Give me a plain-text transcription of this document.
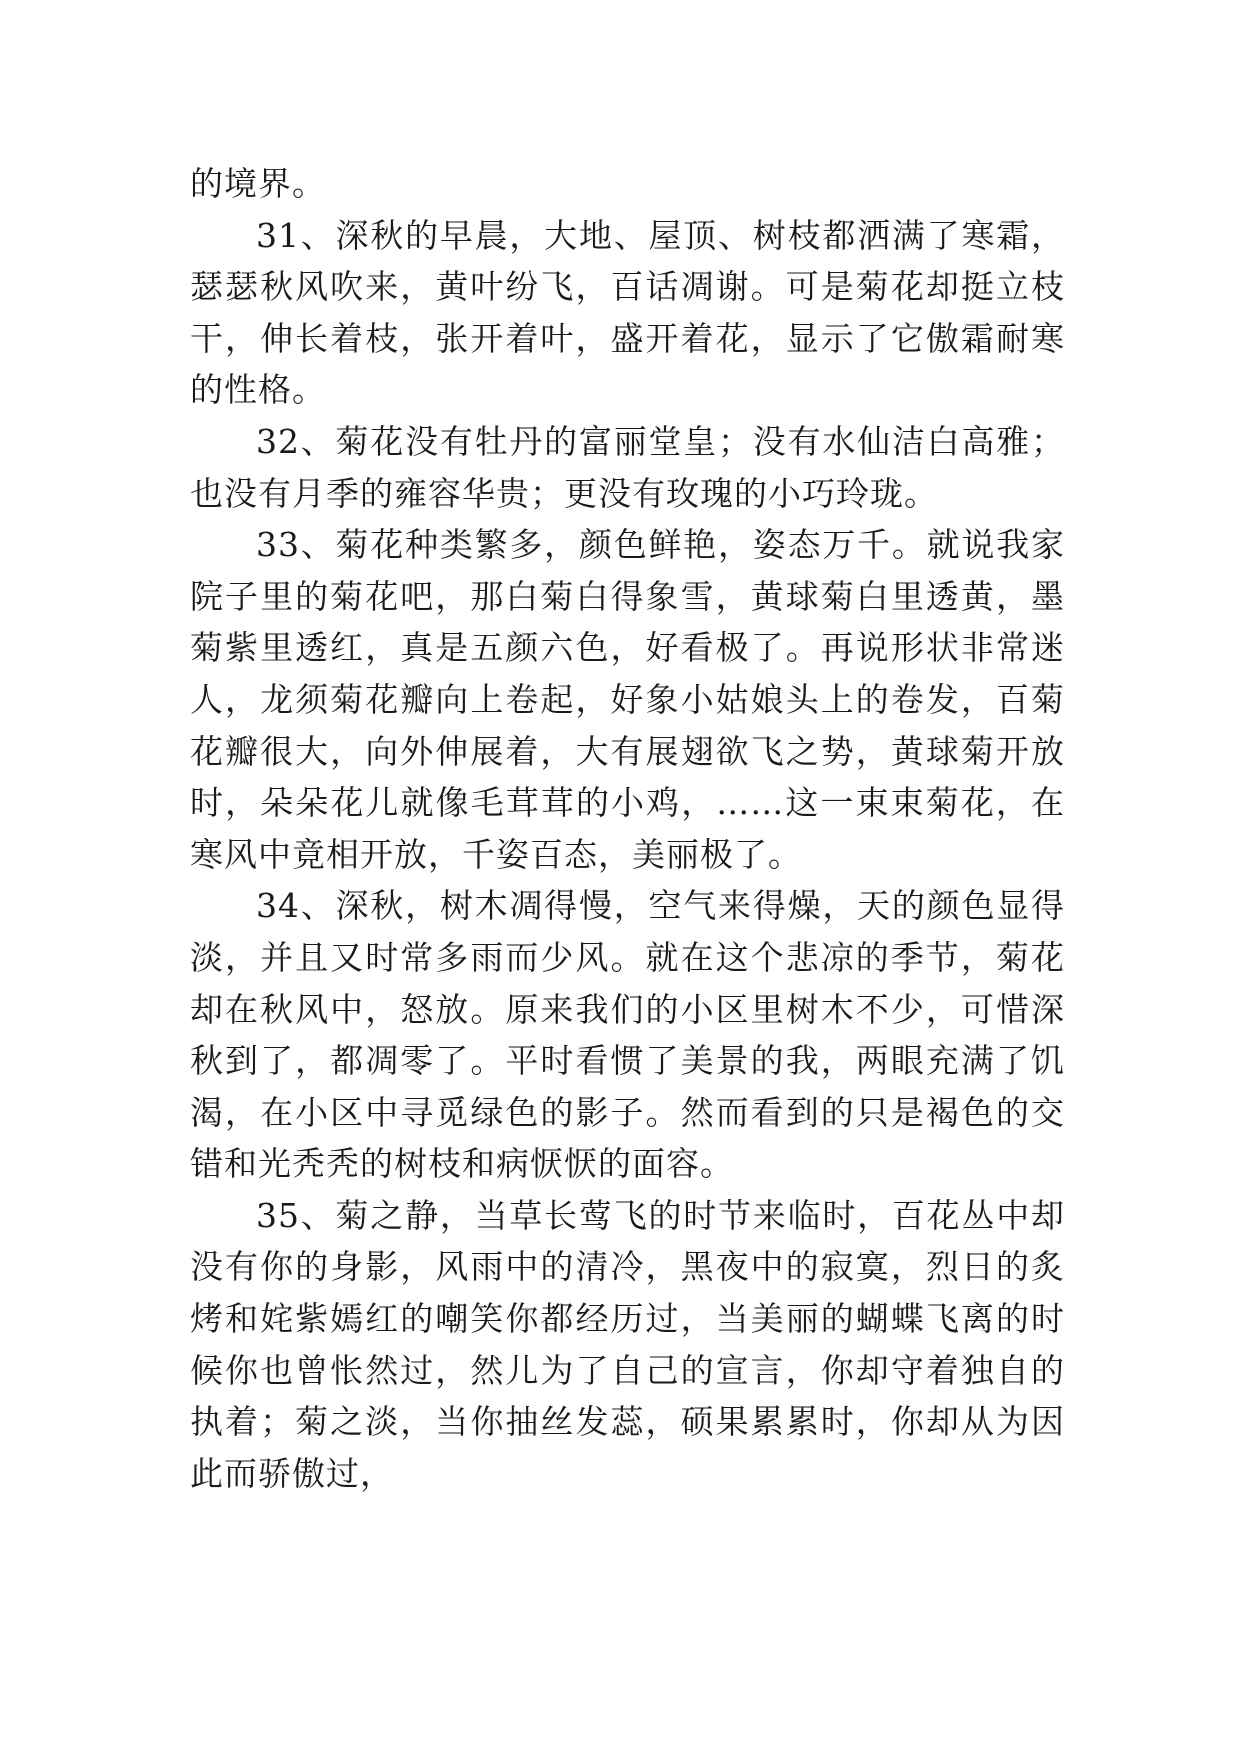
的境界。

31、深秋的早晨，大地、屋顶、树枝都洒满了寒霜，瑟瑟秋风吹来，黄叶纷飞，百话凋谢。可是菊花却挺立枝干，伸长着枝，张开着叶，盛开着花，显示了它傲霜耐寒的性格。

32、菊花没有牡丹的富丽堂皇；没有水仙洁白高雅；也没有月季的雍容华贵；更没有玫瑰的小巧玲珑。

33、菊花种类繁多，颜色鲜艳，姿态万千。就说我家院子里的菊花吧，那白菊白得象雪，黄球菊白里透黄，墨菊紫里透红，真是五颜六色，好看极了。再说形状非常迷人，龙须菊花瓣向上卷起，好象小姑娘头上的卷发，百菊花瓣很大，向外伸展着，大有展翅欲飞之势，黄球菊开放时，朵朵花儿就像毛茸茸的小鸡，……这一束束菊花，在寒风中竟相开放，千姿百态，美丽极了。

34、深秋，树木凋得慢，空气来得燥，天的颜色显得淡，并且又时常多雨而少风。就在这个悲凉的季节，菊花却在秋风中，怒放。原来我们的小区里树木不少，可惜深秋到了，都凋零了。平时看惯了美景的我，两眼充满了饥渴，在小区中寻觅绿色的影子。然而看到的只是褐色的交错和光秃秃的树枝和病恹恹的面容。

35、菊之静，当草长莺飞的时节来临时，百花丛中却没有你的身影，风雨中的清冷，黑夜中的寂寞，烈日的炙烤和姹紫嫣红的嘲笑你都经历过，当美丽的蝴蝶飞离的时候你也曾怅然过，然儿为了自己的宣言，你却守着独自的执着；菊之淡，当你抽丝发蕊，硕果累累时，你却从为因此而骄傲过，
